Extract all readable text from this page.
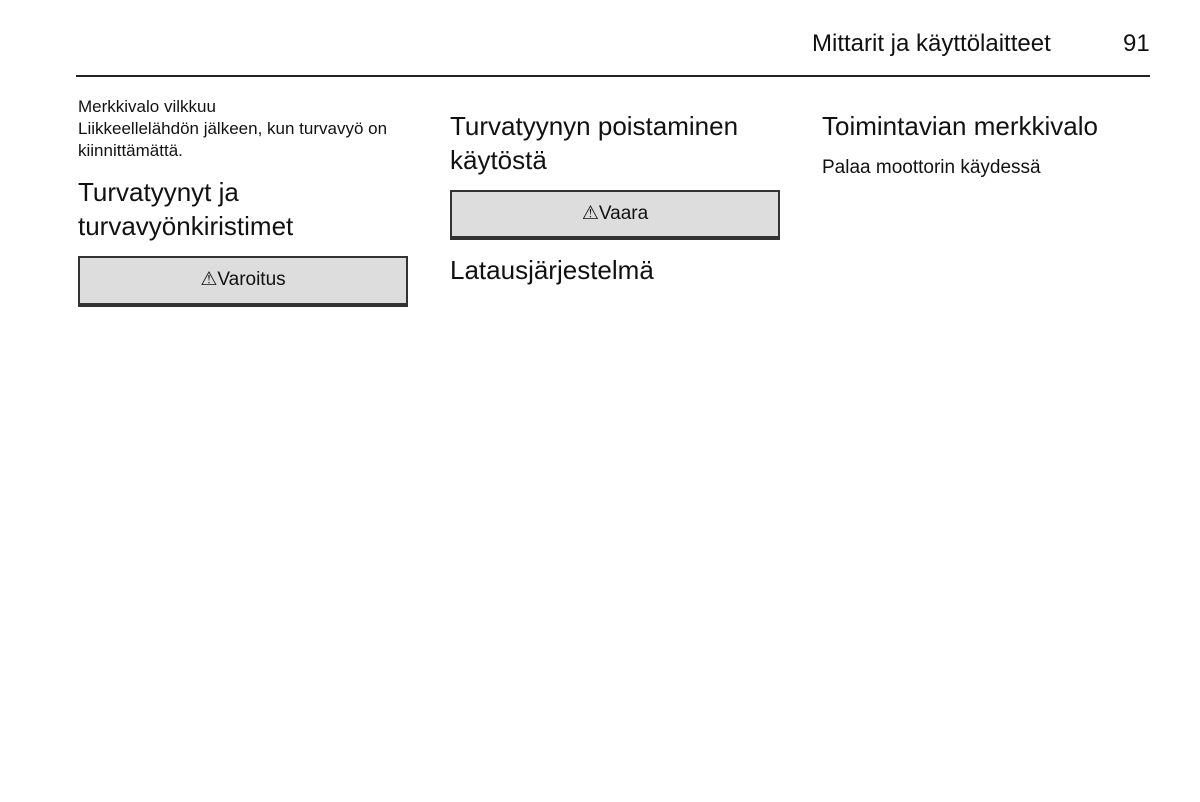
Mittarit ja käyttölaitteet	91
Merkkivalo vilkkuu

Liikkeellelähdön jälkeen, kun turvavyö on kiinnittämättä.

Turvatyynyt ja turvavyönkiristimet
⚠Varoitus
Turvatyynyn poistaminen käytöstä
⚠Vaara
Latausjärjestelmä
Toimintavian merkkivalo
Palaa moottorin käydessä
